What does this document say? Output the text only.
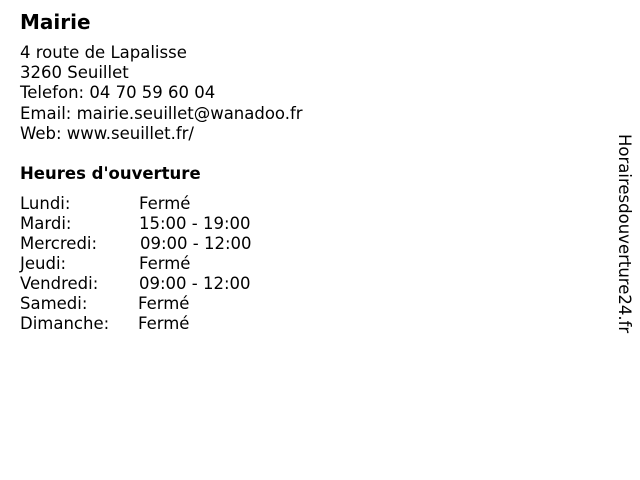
Mairie
4 route de Lapalisse
3260 Seuillet
Telefon: 04 70 59 60 04
Email: mairie.seuillet@wanadoo.fr
Web: www.seuillet.fr/
Heures d'ouverture
Lundi:	Fermé
Mardi:	15:00 - 19:00
Mercredi:	09:00 - 12:00
Jeudi:	Fermé
Vendredi: 09:00 - 12:00
Samedi:	Fermé
Dimanche: Fermé	Horairesdouverture24.fr
